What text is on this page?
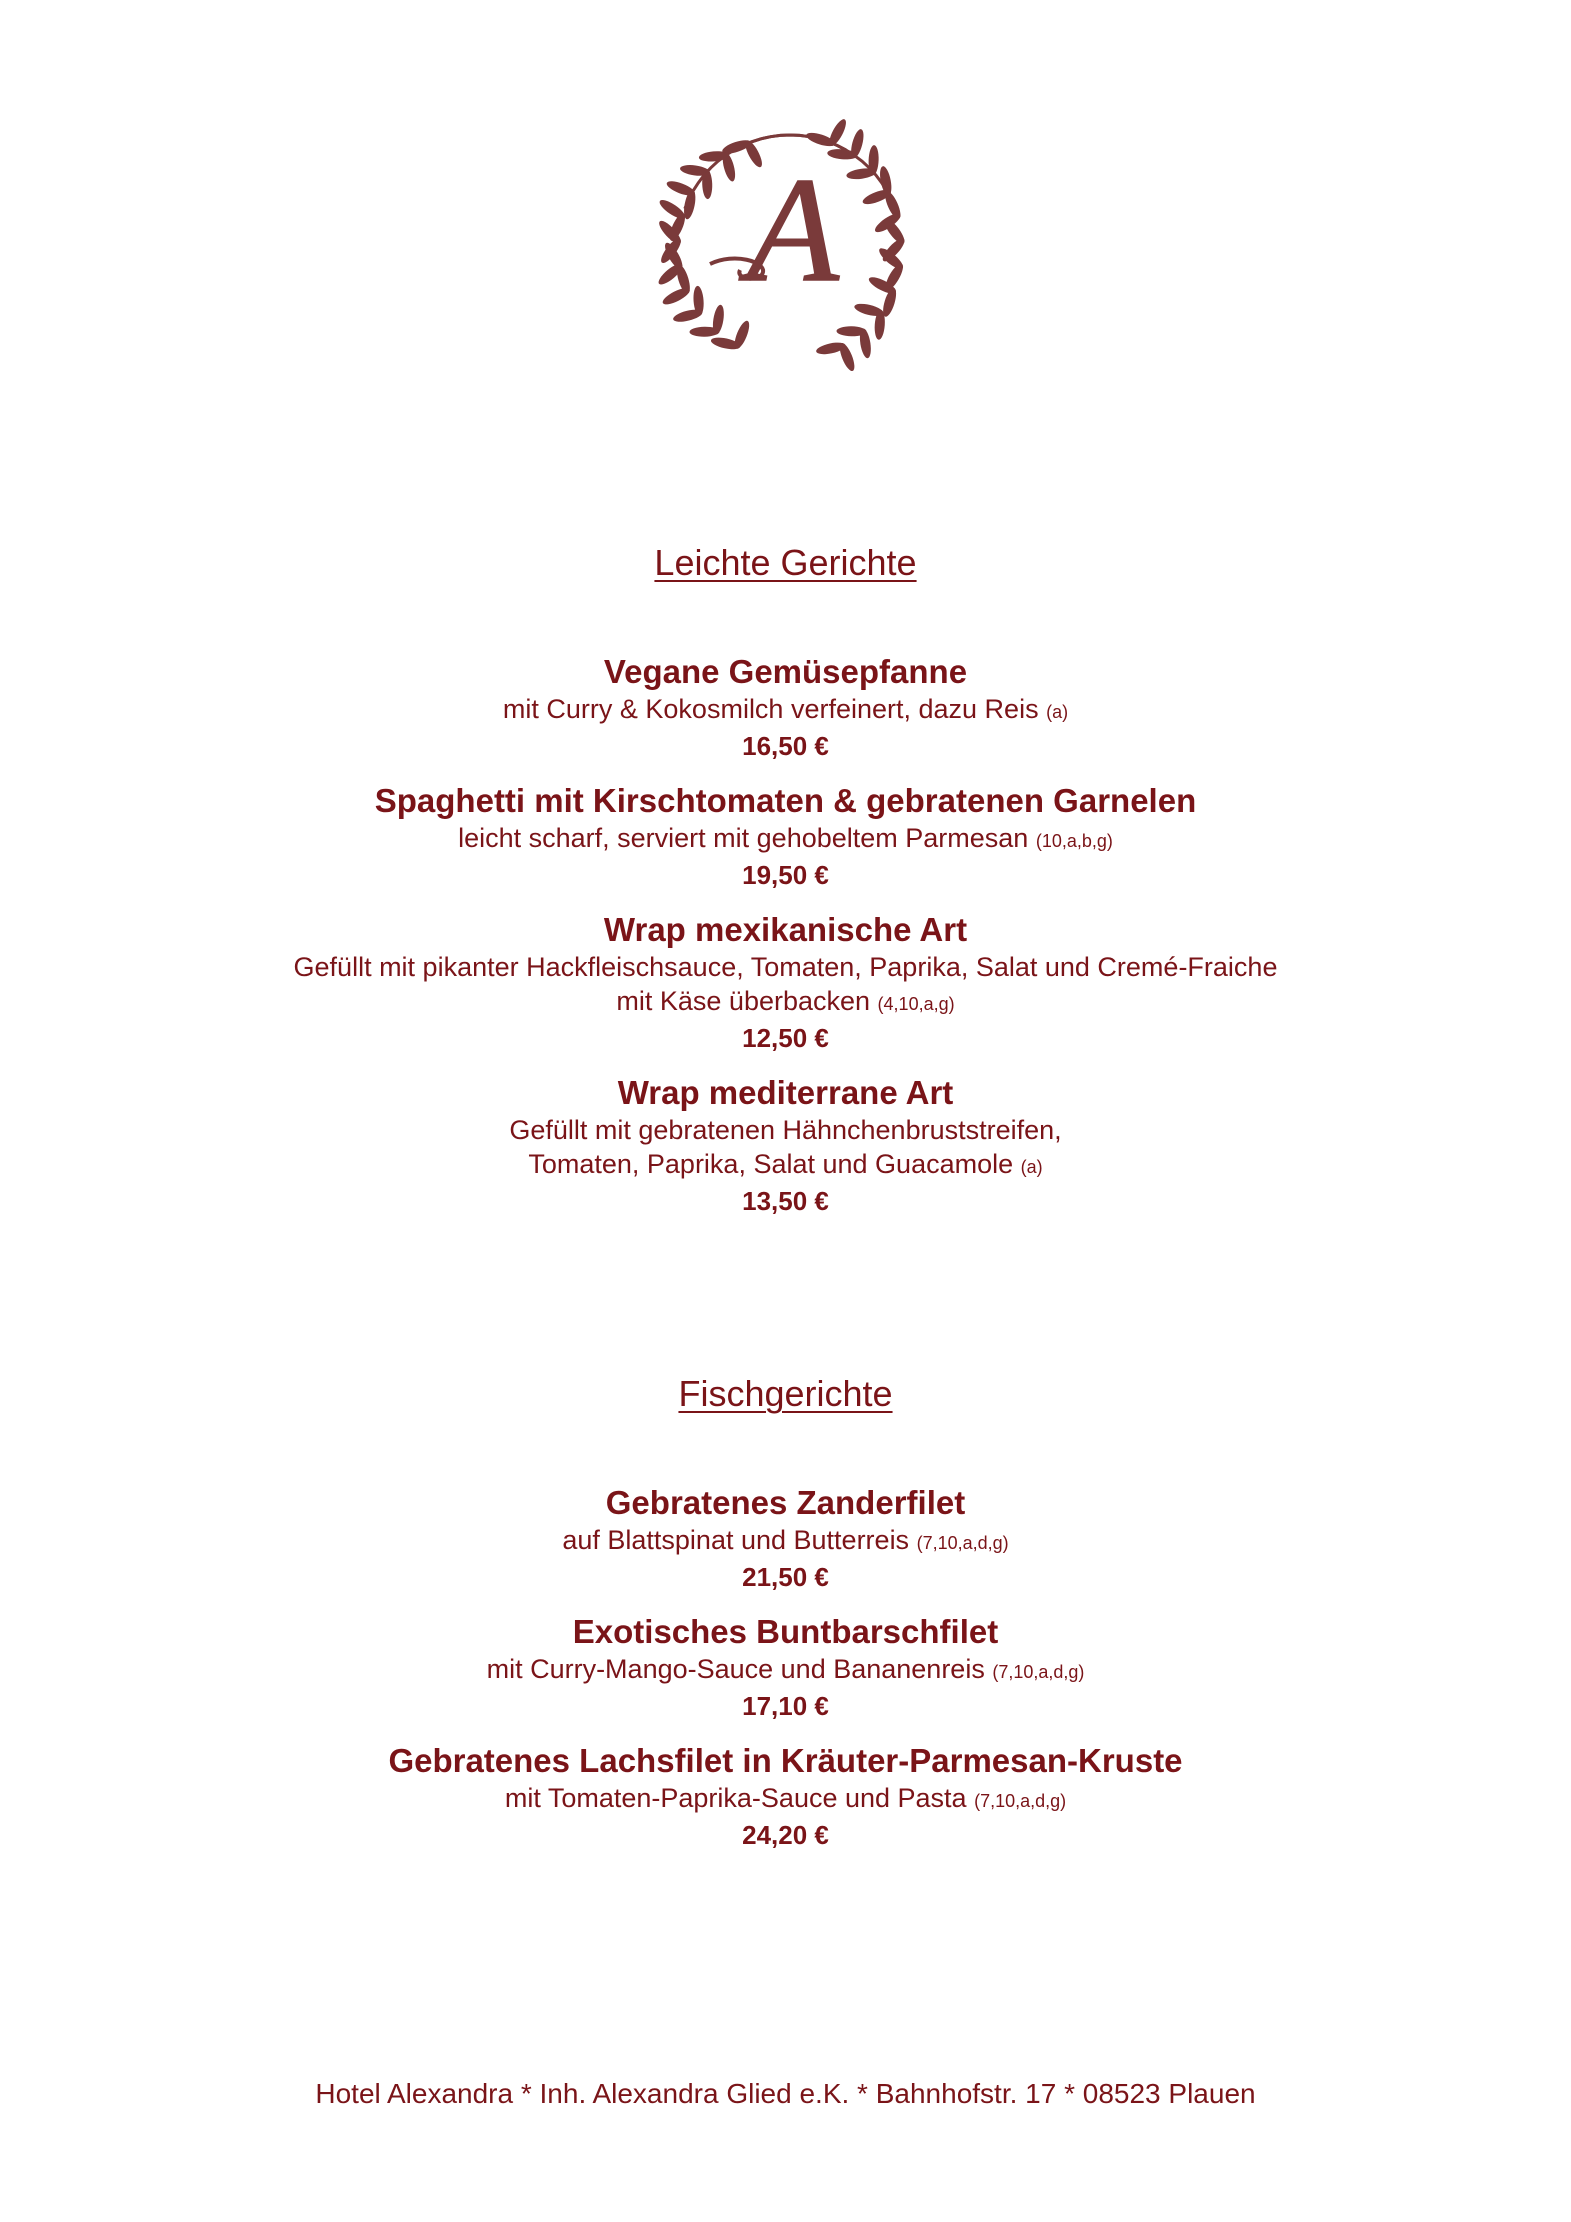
A
Leichte Gerichte
Vegane Gemüsepfanne
mit Curry & Kokosmilch verfeinert, dazu Reis (a)
16,50 €
Spaghetti mit Kirschtomaten & gebratenen Garnelen
leicht scharf, serviert mit gehobeltem Parmesan (10,a,b,g)
19,50 €
Wrap mexikanische Art
Gefüllt mit pikanter Hackfleischsauce, Tomaten, Paprika, Salat und Cremé-Fraiche
mit Käse überbacken (4,10,a,g)
12,50 €
Wrap mediterrane Art
Gefüllt mit gebratenen Hähnchenbruststreifen,
Tomaten, Paprika, Salat und Guacamole (a)
13,50 €
Fischgerichte
Gebratenes Zanderfilet
auf Blattspinat und Butterreis (7,10,a,d,g)
21,50 €
Exotisches Buntbarschfilet
mit Curry-Mango-Sauce und Bananenreis (7,10,a,d,g)
17,10 €
Gebratenes Lachsfilet in Kräuter-Parmesan-Kruste
mit Tomaten-Paprika-Sauce und Pasta (7,10,a,d,g)
24,20 €
Hotel Alexandra * Inh. Alexandra Glied e.K. * Bahnhofstr. 17 * 08523 Plauen
